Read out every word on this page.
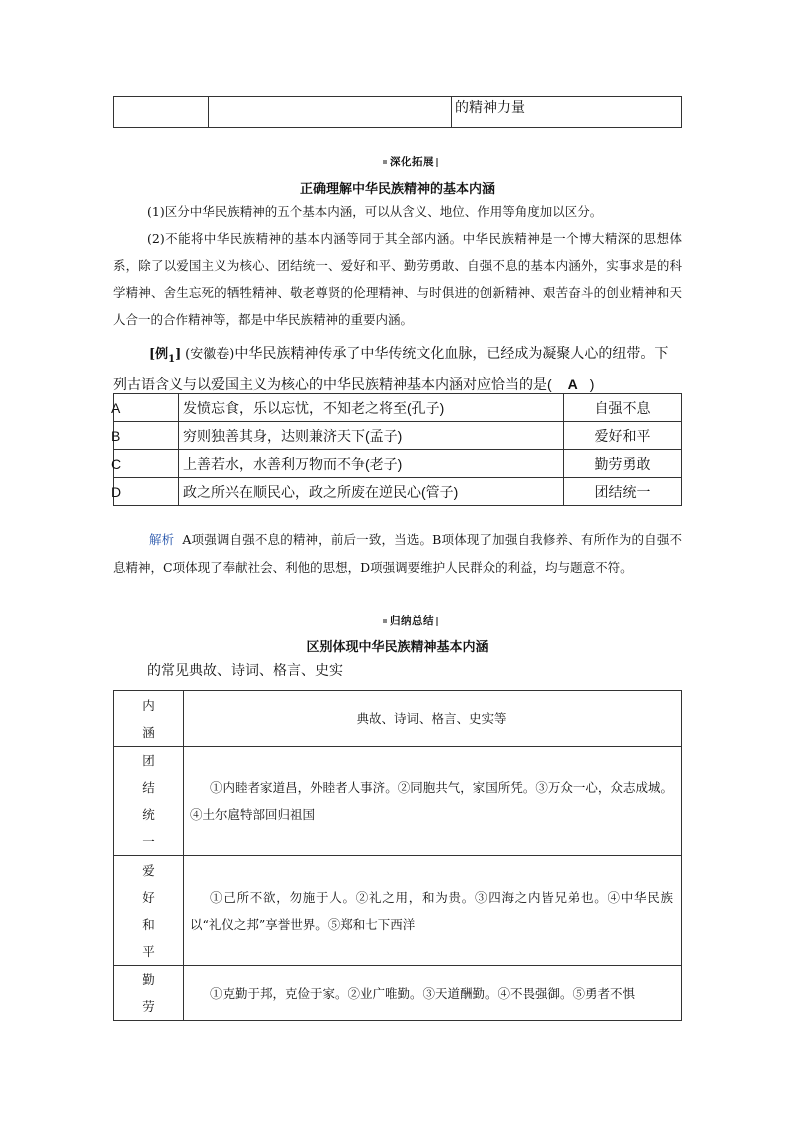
		的精神力量
深化拓展
正确理解中华民族精神的基本内涵
(1)区分中华民族精神的五个基本内涵，可以从含义、地位、作用等角度加以区分。
(2)不能将中华民族精神的基本内涵等同于其全部内涵。中华民族精神是一个博大精深的思想体系，除了以爱国主义为核心、团结统一、爱好和平、勤劳勇敢、自强不息的基本内涵外，实事求是的科学精神、舍生忘死的牺牲精神、敬老尊贤的伦理精神、与时俱进的创新精神、艰苦奋斗的创业精神和天人合一的合作精神等，都是中华民族精神的重要内涵。
[例$_1$] (安徽卷)中华民族精神传承了中华传统文化血脉，已经成为凝聚人心的纽带。下列古语含义与以爱国主义为核心的中华民族精神基本内涵对应恰当的是( A )
A	发愤忘食，乐以忘忧，不知老之将至(孔子)	自强不息
B	穷则独善其身，达则兼济天下(孟子)	爱好和平
C	上善若水，水善利万物而不争(老子)	勤劳勇敢
D	政之所兴在顺民心，政之所废在逆民心(管子)	团结统一
解析 A项强调自强不息的精神，前后一致，当选。B项体现了加强自我修养、有所作为的自强不息精神，C项体现了奉献社会、利他的思想，D项强调要维护人民群众的利益，均与题意不符。
归纳总结
区别体现中华民族精神基本内涵
的常见典故、诗词、格言、史实
内
涵	典故、诗词、格言、史实等

团
结
统
一	①内睦者家道昌，外睦者人事济。②同胞共气，家国所凭。③万众一心，众志成城。④土尔扈特部回归祖国

爱
好
和
平	①己所不欲，勿施于人。②礼之用，和为贵。③四海之内皆兄弟也。④中华民族以“礼仪之邦”享誉世界。⑤郑和七下西洋

勤
劳	①克勤于邦，克俭于家。②业广唯勤。③天道酬勤。④不畏强御。⑤勇者不惧
